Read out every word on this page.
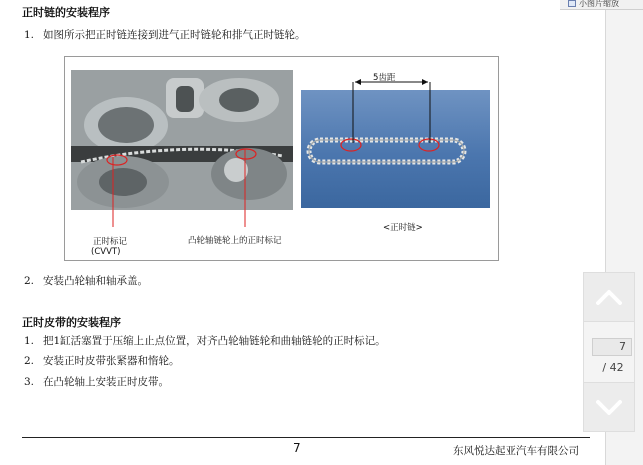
正时链的安装程序

1. 如图所示把正时链连接到进气正时链轮和排气正时链轮。

5齿距
正时标记
(CVVT)
凸轮轴链轮上的正时标记
<正时链>

2. 安装凸轮轴和轴承盖。

正时皮带的安装程序

1. 把1缸活塞置于压缩上止点位置，对齐凸轮轴链轮和曲轴链轮的正时标记。

2. 安装正时皮带张紧器和惰轮。

3. 在凸轮轴上安装正时皮带。

7	东风悦达起亚汽车有限公司
小图片缩放
7
/ 42
